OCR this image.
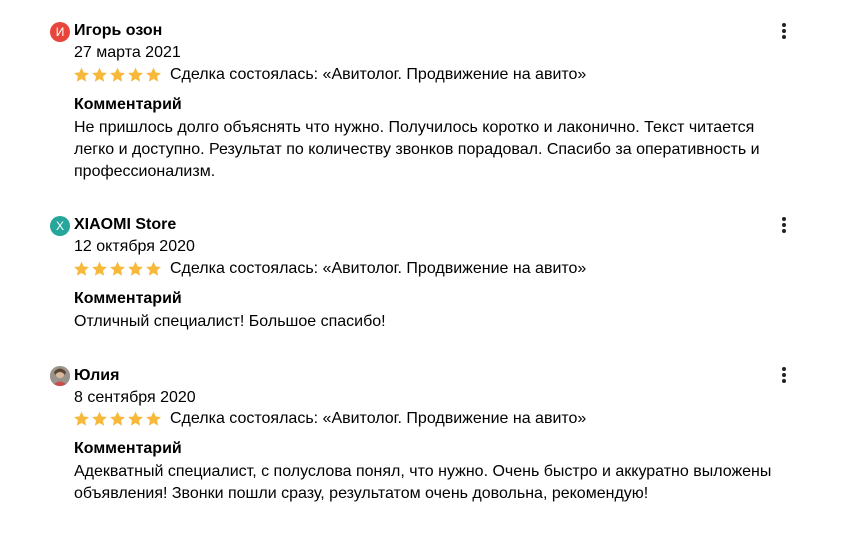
И Игорь озон
27 марта 2021
Сделка состоялась: «Авитолог. Продвижение на авито»
Комментарий
Не пришлось долго объяснять что нужно. Получилось коротко и лаконично. Текст читается
легко и доступно. Результат по количеству звонков порадовал. Спасибо за оперативность и
профессионализм.
X XIAOMI Store
12 октября 2020
Сделка состоялась: «Авитолог. Продвижение на авито»
Комментарий
Отличный специалист! Большое спасибо!
Юлия
8 сентября 2020
Сделка состоялась: «Авитолог. Продвижение на авито»
Комментарий
Адекватный специалист, с полуслова понял, что нужно. Очень быстро и аккуратно выложены
объявления! Звонки пошли сразу, результатом очень довольна, рекомендую!
